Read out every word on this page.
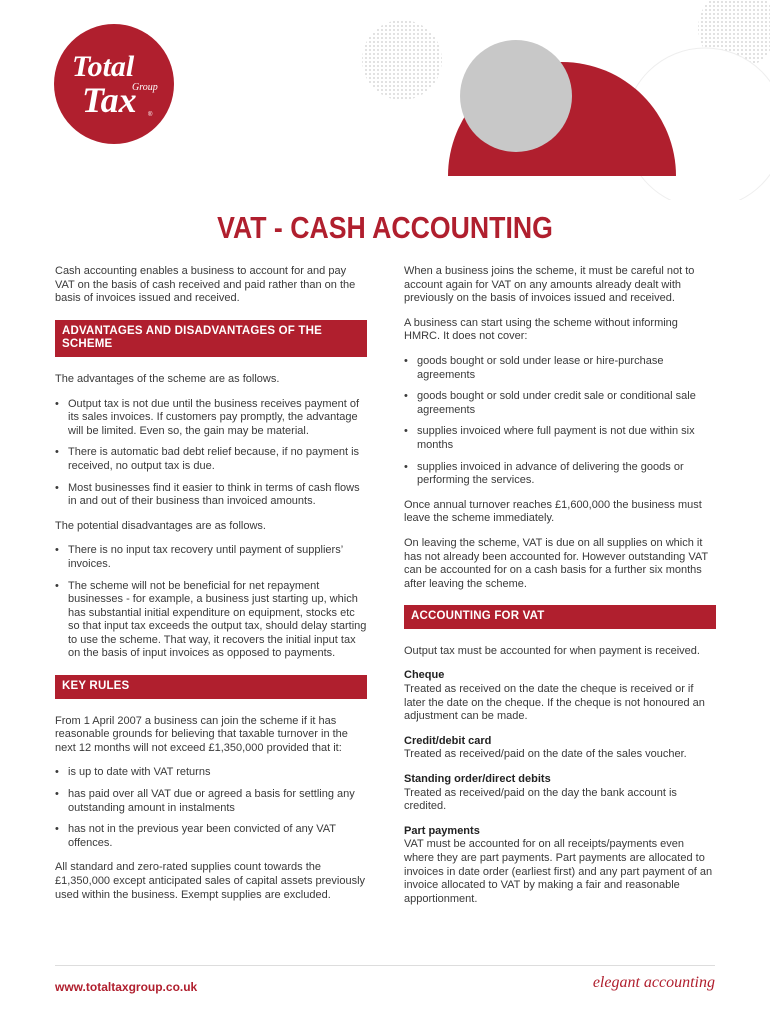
Total
Tax
Group
®
VAT - CASH ACCOUNTING

Cash accounting enables a business to account for and pay VAT on the basis of cash received and paid rather than on the basis of invoices issued and received.

ADVANTAGES AND DISADVANTAGES OF THE SCHEME

The advantages of the scheme are as follows.

• Output tax is not due until the business receives payment of its sales invoices. If customers pay promptly, the advantage will be limited. Even so, the gain may be material.
• There is automatic bad debt relief because, if no payment is received, no output tax is due.
• Most businesses find it easier to think in terms of cash flows in and out of their business than invoiced amounts.

The potential disadvantages are as follows.

• There is no input tax recovery until payment of suppliers’ invoices.
• The scheme will not be beneficial for net repayment businesses - for example, a business just starting up, which has substantial initial expenditure on equipment, stocks etc so that input tax exceeds the output tax, should delay starting to use the scheme. That way, it recovers the initial input tax on the basis of input invoices as opposed to payments.
KEY RULES

From 1 April 2007 a business can join the scheme if it has reasonable grounds for believing that taxable turnover in the next 12 months will not exceed £1,350,000 provided that it:

• is up to date with VAT returns
• has paid over all VAT due or agreed a basis for settling any outstanding amount in instalments
• has not in the previous year been convicted of any VAT offences.

All standard and zero-rated supplies count towards the £1,350,000 except anticipated sales of capital assets previously used within the business. Exempt supplies are excluded.

When a business joins the scheme, it must be careful not to account again for VAT on any amounts already dealt with previously on the basis of invoices issued and received.

A business can start using the scheme without informing HMRC. It does not cover:

• goods bought or sold under lease or hire-purchase agreements
• goods bought or sold under credit sale or conditional sale agreements
• supplies invoiced where full payment is not due within six months
• supplies invoiced in advance of delivering the goods or performing the services.

Once annual turnover reaches £1,600,000 the business must leave the scheme immediately.

On leaving the scheme, VAT is due on all supplies on which it has not already been accounted for. However outstanding VAT can be accounted for on a cash basis for a further six months after leaving the scheme.

ACCOUNTING FOR VAT

Output tax must be accounted for when payment is received.

Cheque

Treated as received on the date the cheque is received or if later the date on the cheque. If the cheque is not honoured an adjustment can be made.

Credit/debit card

Treated as received/paid on the date of the sales voucher.

Standing order/direct debits

Treated as received/paid on the day the bank account is credited.

Part payments

VAT must be accounted for on all receipts/payments even where they are part payments. Part payments are allocated to invoices in date order (earliest first) and any part payment of an invoice allocated to VAT by making a fair and reasonable apportionment.

www.totaltaxgroup.co.uk	elegant accounting
